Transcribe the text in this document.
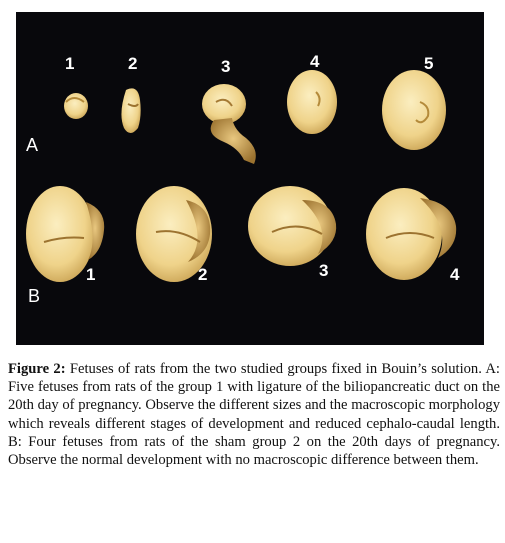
A
B
1	2	3	4	5
1	2	3	4
Figure 2: Fetuses of rats from the two studied groups fixed in Bouin’s solution. A: Five fetuses from rats of the group 1 with ligature of the biliopancreatic duct on the 20th day of pregnancy. Observe the different sizes and the macroscopic morphology which reveals different stages of development and reduced cephalo-caudal length. B: Four fetuses from rats of the sham group 2 on the 20th days of pregnancy. Observe the normal development with no macroscopic difference between them.
